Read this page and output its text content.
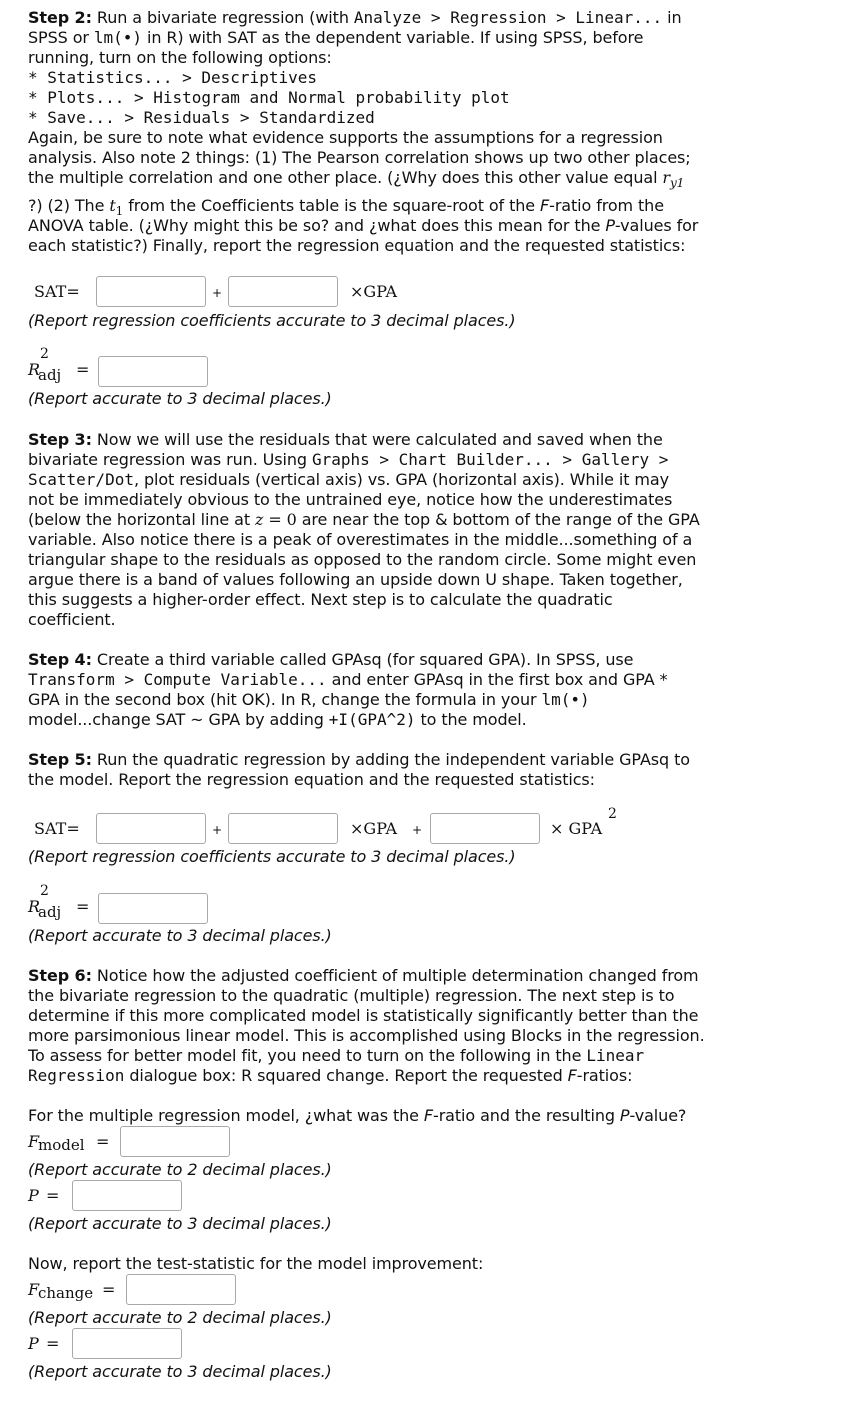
Step 2: Run a bivariate regression (with Analyze > Regression > Linear... in
SPSS or lm(•) in R) with SAT as the dependent variable. If using SPSS, before
running, turn on the following options:
* Statistics... > Descriptives
* Plots... > Histogram and Normal probability plot
* Save... > Residuals > Standardized
Again, be sure to note what evidence supports the assumptions for a regression
analysis. Also note 2 things: (1) The Pearson correlation shows up two other places;
the multiple correlation and one other place. (¿Why does this other value equal $r_{y1}$
?) (2) The $t_1$ from the Coefficients table is the square-root of the F-ratio from the
ANOVA table. (¿Why might this be so? and ¿what does this mean for the P-values for
each statistic?) Finally, report the regression equation and the requested statistics:
SAT=	+	×GPA
(Report regression coefficients accurate to 3 decimal places.)
2
R
adj =
(Report accurate to 3 decimal places.)
Step 3: Now we will use the residuals that were calculated and saved when the
bivariate regression was run. Using Graphs > Chart Builder... > Gallery >
Scatter/Dot, plot residuals (vertical axis) vs. GPA (horizontal axis). While it may
not be immediately obvious to the untrained eye, notice how the underestimates
(below the horizontal line at z = 0 are near the top & bottom of the range of the GPA
variable. Also notice there is a peak of overestimates in the middle...something of a
triangular shape to the residuals as opposed to the random circle. Some might even
argue there is a band of values following an upside down U shape. Taken together,
this suggests a higher-order effect. Next step is to calculate the quadratic
coefficient.
Step 4: Create a third variable called GPAsq (for squared GPA). In SPSS, use
Transform > Compute Variable... and enter GPAsq in the first box and GPA *
GPA in the second box (hit OK). In R, change the formula in your lm(•)
model...change SAT ~ GPA by adding +I(GPA^2) to the model.
Step 5: Run the quadratic regression by adding the independent variable GPAsq to
the model. Report the regression equation and the requested statistics:
SAT=	+	×GPA +	× GPA
2
(Report regression coefficients accurate to 3 decimal places.)
2
R
adj =
(Report accurate to 3 decimal places.)
Step 6: Notice how the adjusted coefficient of multiple determination changed from
the bivariate regression to the quadratic (multiple) regression. The next step is to
determine if this more complicated model is statistically significantly better than the
more parsimonious linear model. This is accomplished using Blocks in the regression.
To assess for better model fit, you need to turn on the following in the Linear
Regression dialogue box: R squared change. Report the requested F-ratios:
For the multiple regression model, ¿what was the F-ratio and the resulting P-value?
F
model =
(Report accurate to 2 decimal places.)
P =
(Report accurate to 3 decimal places.)
Now, report the test-statistic for the model improvement:
F
change =
(Report accurate to 2 decimal places.)
P =
(Report accurate to 3 decimal places.)
